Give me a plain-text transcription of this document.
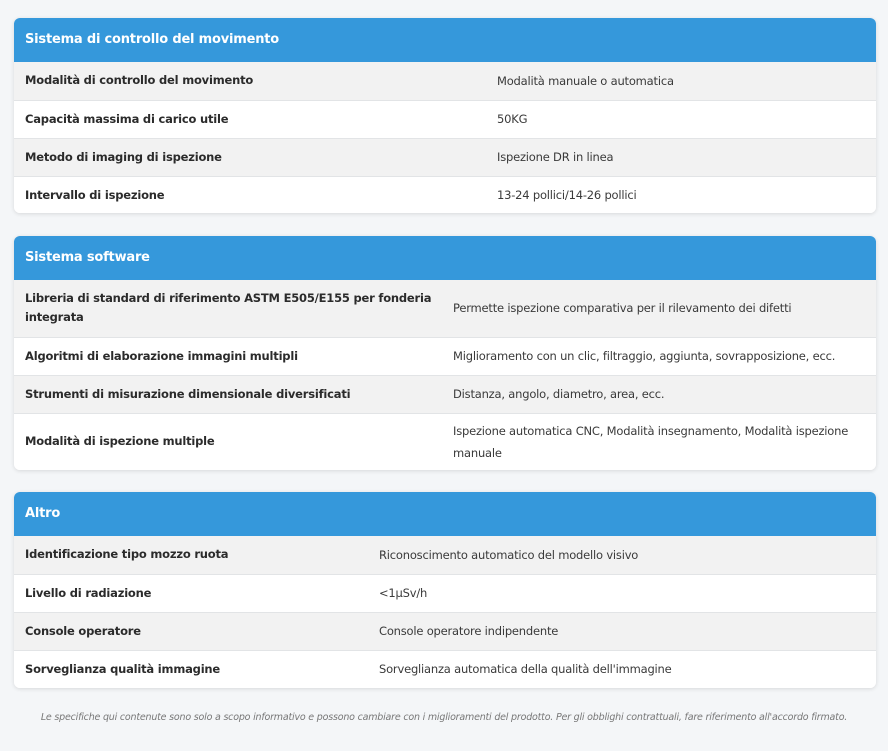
Sistema di controllo del movimento
Modalità di controllo del movimento	Modalità manuale o automatica
Capacità massima di carico utile	50KG
Metodo di imaging di ispezione	Ispezione DR in linea
Intervallo di ispezione	13-24 pollici/14-26 pollici
Sistema software
Libreria di standard di riferimento ASTM E505/E155 per fonderia integrata	Permette ispezione comparativa per il rilevamento dei difetti
Algoritmi di elaborazione immagini multipli	Miglioramento con un clic, filtraggio, aggiunta, sovrapposizione, ecc.
Strumenti di misurazione dimensionale diversificati	Distanza, angolo, diametro, area, ecc.
Modalità di ispezione multiple	Ispezione automatica CNC, Modalità insegnamento, Modalità ispezione manuale
Altro
Identificazione tipo mozzo ruota	Riconoscimento automatico del modello visivo
Livello di radiazione	<1μSv/h
Console operatore	Console operatore indipendente
Sorveglianza qualità immagine	Sorveglianza automatica della qualità dell'immagine
Le specifiche qui contenute sono solo a scopo informativo e possono cambiare con i miglioramenti del prodotto. Per gli obblighi contrattuali, fare riferimento all'accordo firmato.
